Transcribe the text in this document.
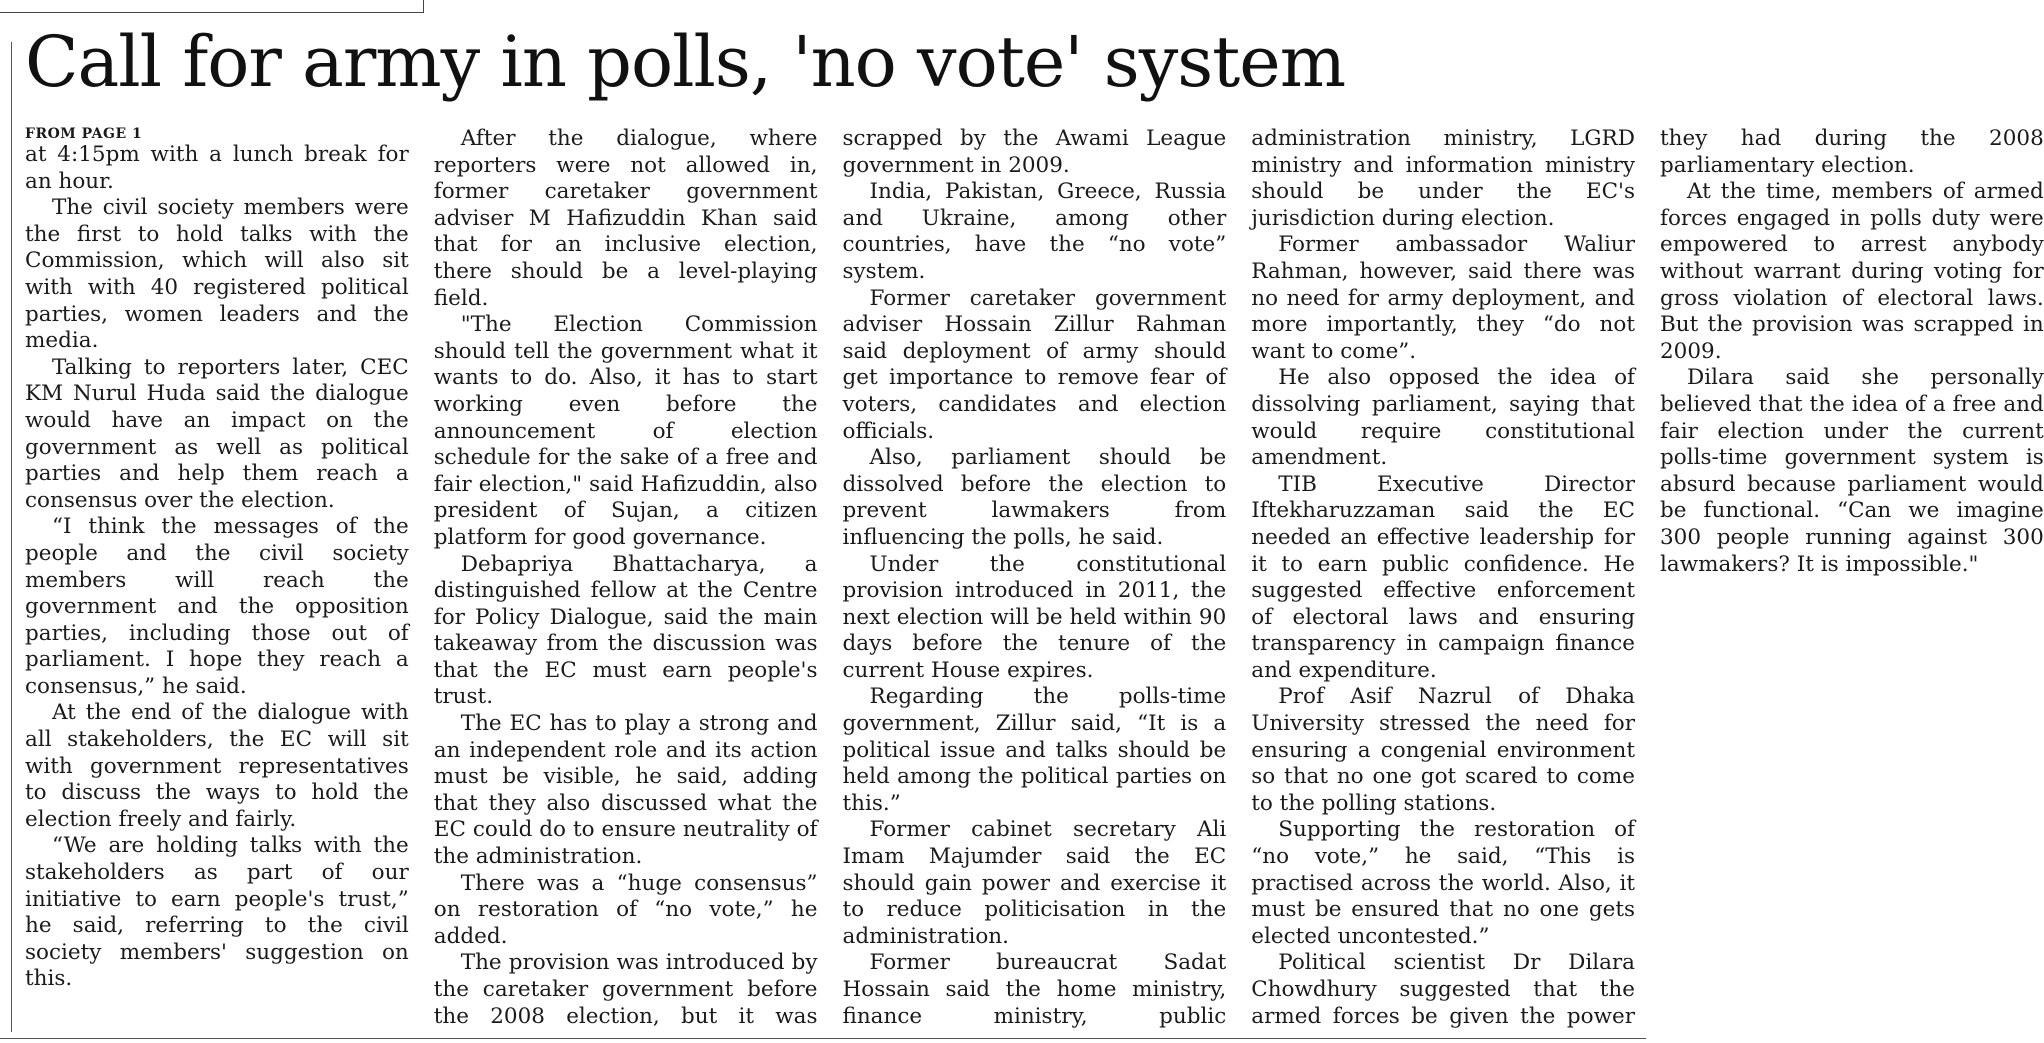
Call for army in polls, 'no vote' system
FROM PAGE 1

at 4:15pm with a lunch break for an hour.

The civil society members were the first to hold talks with the Commission, which will also sit with with 40 registered political parties, women leaders and the media.

Talking to reporters later, CEC KM Nurul Huda said the dialogue would have an impact on the government as well as political parties and help them reach a consensus over the election.

“I think the messages of the people and the civil society members will reach the government and the opposition parties, including those out of parliament. I hope they reach a consensus,” he said.

At the end of the dialogue with all stakeholders, the EC will sit with government representatives to discuss the ways to hold the election freely and fairly.

“We are holding talks with the stakeholders as part of our initiative to earn people's trust,” he said, referring to the civil society members' suggestion on this.

After the dialogue, where reporters were not allowed in, former caretaker government adviser M Hafizuddin Khan said that for an inclusive election, there should be a level-playing field.

"The Election Commission should tell the government what it wants to do. Also, it has to start working even before the announcement of election schedule for the sake of a free and fair election," said Hafizuddin, also president of Sujan, a citizen platform for good governance.

Debapriya Bhattacharya, a distinguished fellow at the Centre for Policy Dialogue, said the main takeaway from the discussion was that the EC must earn people's trust.

The EC has to play a strong and an independent role and its action must be visible, he said, adding that they also discussed what the EC could do to ensure neutrality of the administration.

There was a “huge consensus” on restoration of “no vote,” he added.

The provision was introduced by the caretaker government before the 2008 election, but it was scrapped by the Awami League government in 2009.

India, Pakistan, Greece, Russia and Ukraine, among other countries, have the “no vote” system.

Former caretaker government adviser Hossain Zillur Rahman said deployment of army should get importance to remove fear of voters, candidates and election officials.

Also, parliament should be dissolved before the election to prevent lawmakers from influencing the polls, he said.

Under the constitutional provision introduced in 2011, the next election will be held within 90 days before the tenure of the current House expires.

Regarding the polls-time government, Zillur said, “It is a political issue and talks should be held among the political parties on this.”

Former cabinet secretary Ali Imam Majumder said the EC should gain power and exercise it to reduce politicisation in the administration.

Former bureaucrat Sadat Hossain said the home ministry, finance ministry, public administration ministry, LGRD ministry and information ministry should be under the EC's jurisdiction during election.

Former ambassador Waliur Rahman, however, said there was no need for army deployment, and more importantly, they “do not want to come”.

He also opposed the idea of dissolving parliament, saying that would require constitutional amendment.

TIB Executive Director Iftekharuzzaman said the EC needed an effective leadership for it to earn public confidence. He suggested effective enforcement of electoral laws and ensuring transparency in campaign finance and expenditure.

Prof Asif Nazrul of Dhaka University stressed the need for ensuring a congenial environment so that no one got scared to come to the polling stations.

Supporting the restoration of “no vote,” he said, “This is practised across the world. Also, it must be ensured that no one gets elected uncontested.”

Political scientist Dr Dilara Chowdhury suggested that the armed forces be given the power they had during the 2008 parliamentary election.

At the time, members of armed forces engaged in polls duty were empowered to arrest anybody without warrant during voting for gross violation of electoral laws. But the provision was scrapped in 2009.

Dilara said she personally believed that the idea of a free and fair election under the current polls-time government system is absurd because parliament would be functional. “Can we imagine 300 people running against 300 lawmakers? It is impossible."
